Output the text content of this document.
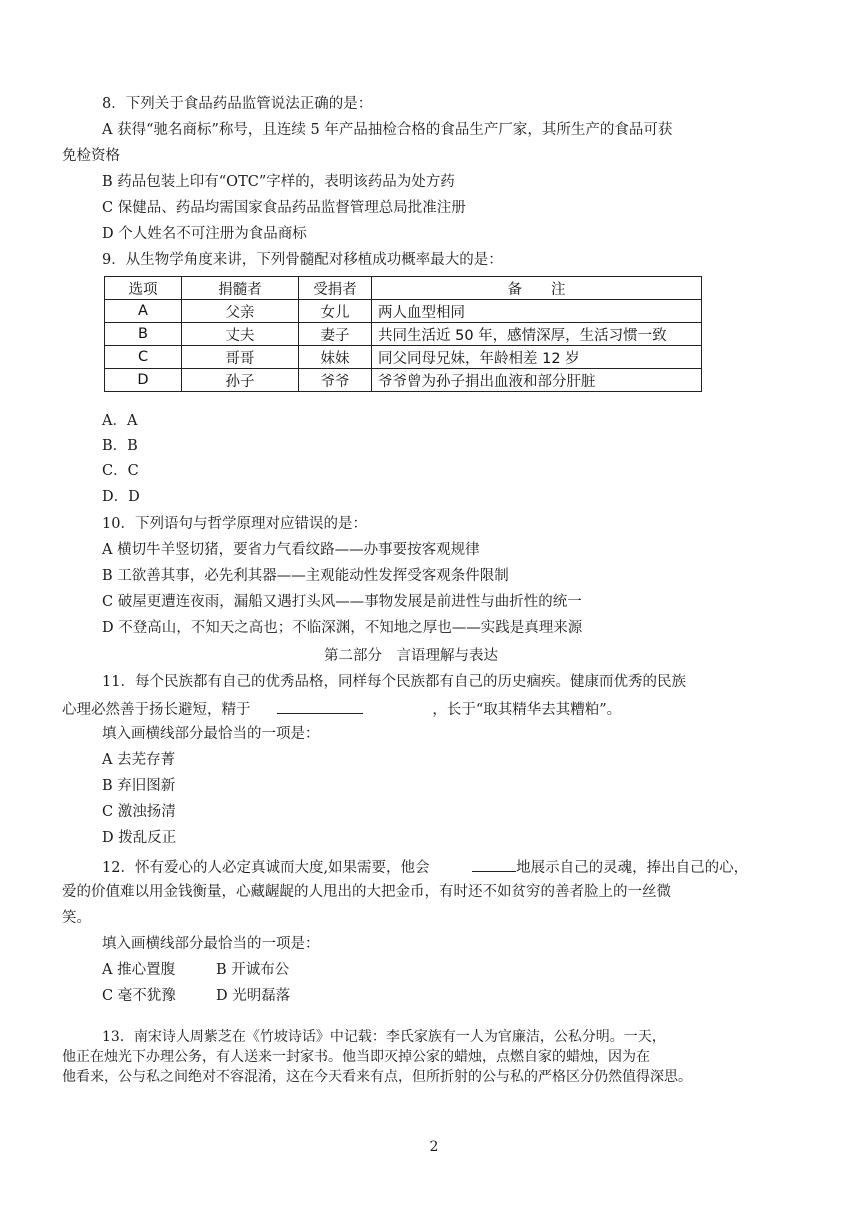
8．下列关于食品药品监管说法正确的是：
A 获得“驰名商标”称号，且连续 5 年产品抽检合格的食品生产厂家，其所生产的食品可获
免检资格
B 药品包装上印有“OTC”字样的，表明该药品为处方药
C 保健品、药品均需国家食品药品监督管理总局批准注册
D 个人姓名不可注册为食品商标
9．从生物学角度来讲，下列骨髓配对移植成功概率最大的是：
选项	捐髓者	受捐者	备　　注
A	父亲	女儿	两人血型相同
B	丈夫	妻子	共同生活近 50 年，感情深厚，生活习惯一致
C	哥哥	妹妹	同父同母兄妹，年龄相差 12 岁
D	孙子	爷爷	爷爷曾为孙子捐出血液和部分肝脏
A．A
B．B
C．C
D．D
10．下列语句与哲学原理对应错误的是：
A 横切牛羊竖切猪，要省力气看纹路——办事要按客观规律
B 工欲善其事，必先利其器——主观能动性发挥受客观条件限制
C 破屋更遭连夜雨，漏船又遇打头风——事物发展是前进性与曲折性的统一
D 不登高山，不知天之高也；不临深渊，不知地之厚也——实践是真理来源
第二部分　言语理解与表达
11．每个民族都有自己的优秀品格，同样每个民族都有自己的历史痼疾。健康而优秀的民族
心理必然善于扬长避短，精于	，长于“取其精华去其糟粕”。
填入画横线部分最恰当的一项是：
A 去芜存菁
B 弃旧图新
C 激浊扬清
D 拨乱反正
12．怀有爱心的人必定真诚而大度,如果需要，他会	地展示自己的灵魂，捧出自己的心，
爱的价值难以用金钱衡量，心藏龌龊的人甩出的大把金币，有时还不如贫穷的善者脸上的一丝微
笑。
填入画横线部分最恰当的一项是：
A 推心置腹	B 开诚布公
C 毫不犹豫	D 光明磊落
13．南宋诗人周紫芝在《竹坡诗话》中记载：李氏家族有一人为官廉洁，公私分明。一天，
他正在烛光下办理公务，有人送来一封家书。他当即灭掉公家的蜡烛，点燃自家的蜡烛，因为在
他看来，公与私之间绝对不容混淆，这在今天看来有点，但所折射的公与私的严格区分仍然值得深思。
2
